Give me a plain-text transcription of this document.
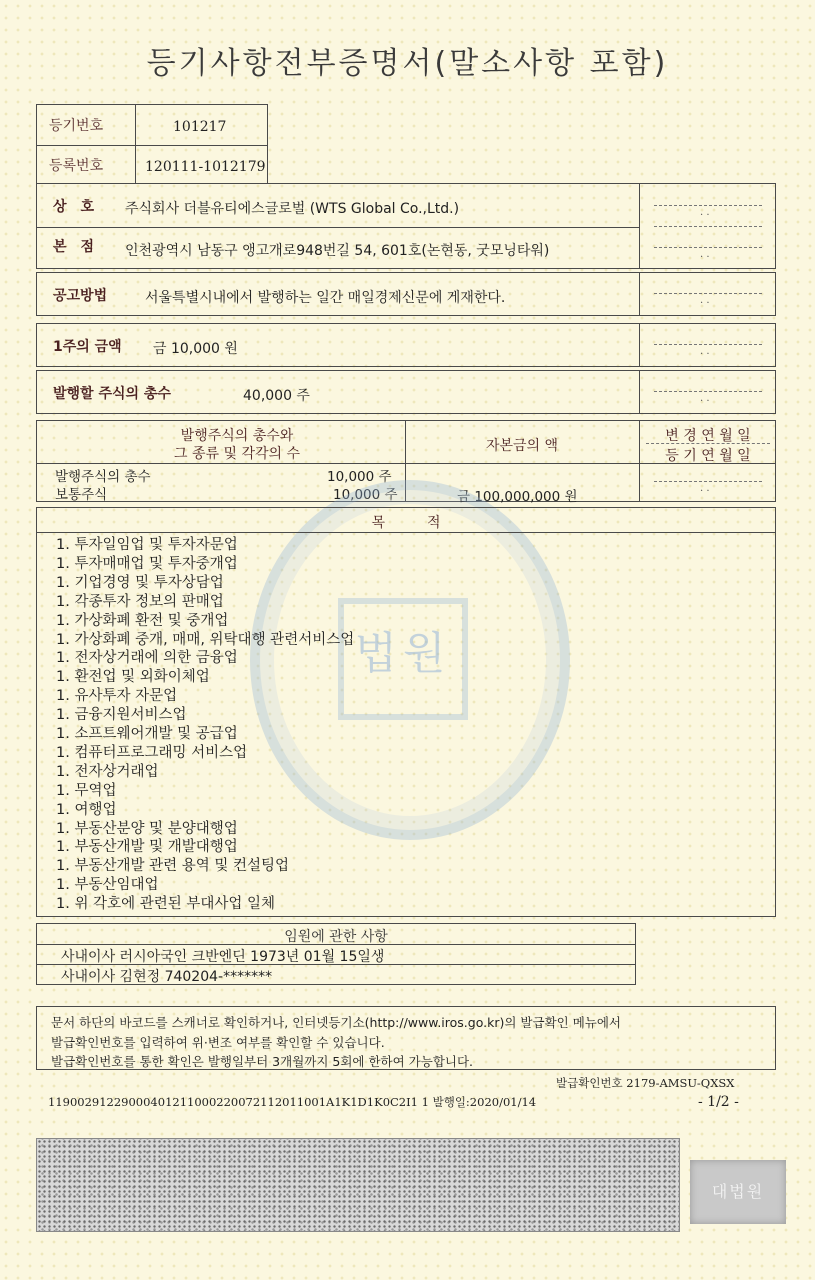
등기사항전부증명서(말소사항 포함)
등기번호	101217
등록번호	120111-1012179
상　호 주식회사 더블유티에스글로벌 (WTS Global Co.,Ltd.)
본　점 인천광역시 남동구 앵고개로948번길 54, 601호(논현동, 굿모닝타워)
. .
. .
공고방법	서울특별시내에서 발행하는 일간 매일경제신문에 게재한다.	. .
1주의 금액 금 10,000 원	. .
발행할 주식의 총수	40,000 주	. .
발행주식의 총수와
그 종류 및 각각의 수	자본금의 액
변 경 연 월 일
등 기 연 월 일
. .
발행주식의 총수	10,000 주
보통주식	10,000 주	금 100,000,000 원
법원
목　　　적
1. 투자일임업 및 투자자문업
1. 투자매매업 및 투자중개업
1. 기업경영 및 투자상담업
1. 각종투자 정보의 판매업
1. 가상화폐 환전 및 중개업
1. 가상화폐 중개, 매매, 위탁대행 관련서비스업
1. 전자상거래에 의한 금융업
1. 환전업 및 외화이체업
1. 유사투자 자문업
1. 금융지원서비스업
1. 소프트웨어개발 및 공급업
1. 컴퓨터프로그래밍 서비스업
1. 전자상거래업
1. 무역업
1. 여행업
1. 부동산분양 및 분양대행업
1. 부동산개발 및 개발대행업
1. 부동산개발 관련 용역 및 컨설팅업
1. 부동산임대업
1. 위 각호에 관련된 부대사업 일체
임원에 관한 사항
사내이사 러시아국인 크반엔딘 1973년 01월 15일생
사내이사 김현정 740204-*******
문서 하단의 바코드를 스캐너로 확인하거나, 인터넷등기소(http://www.iros.go.kr)의 발급확인 메뉴에서
발급확인번호를 입력하여 위·변조 여부를 확인할 수 있습니다.
발급확인번호를 통한 확인은 발행일부터 3개월까지 5회에 한하여 가능합니다.
발급확인번호 2179-AMSU-QXSX
11900291229000401211000220072112011001A1K1D1K0C2I1 1 발행일:2020/01/14	- 1/2 -
대법원
